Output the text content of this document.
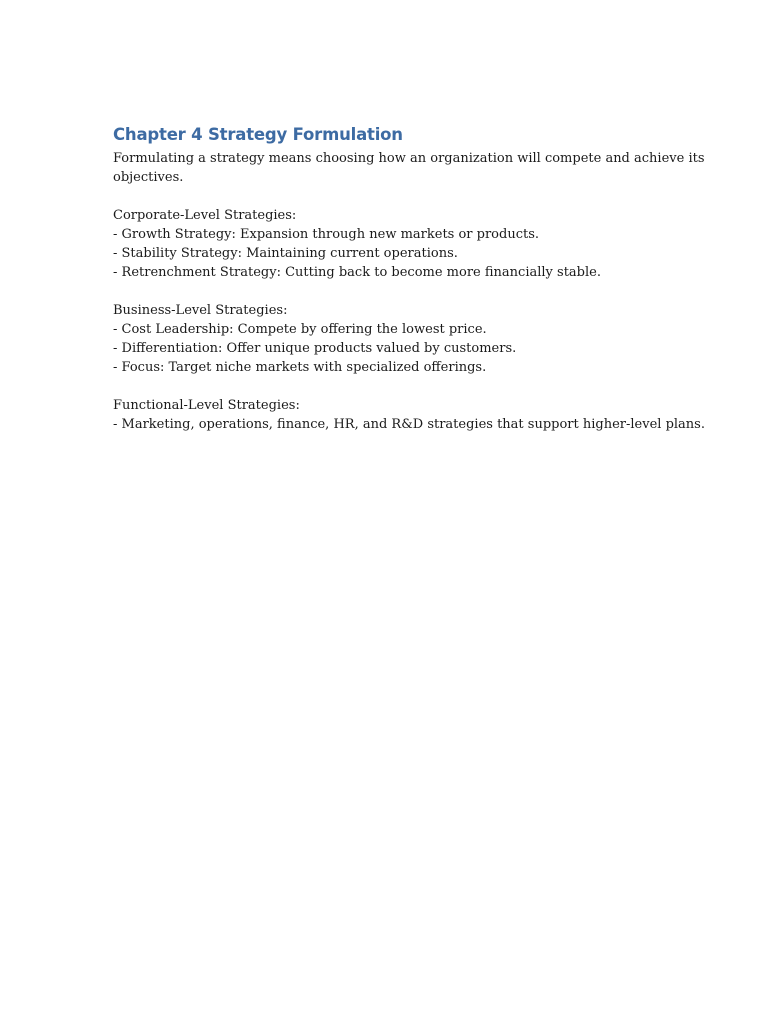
Chapter 4 Strategy Formulation

Formulating a strategy means choosing how an organization will compete and achieve its
objectives.

Corporate-Level Strategies:
- Growth Strategy: Expansion through new markets or products.
- Stability Strategy: Maintaining current operations.
- Retrenchment Strategy: Cutting back to become more financially stable.
Business-Level Strategies:
- Cost Leadership: Compete by offering the lowest price.
- Differentiation: Offer unique products valued by customers.
- Focus: Target niche markets with specialized offerings.
Functional-Level Strategies:
- Marketing, operations, finance, HR, and R&D strategies that support higher-level plans.
